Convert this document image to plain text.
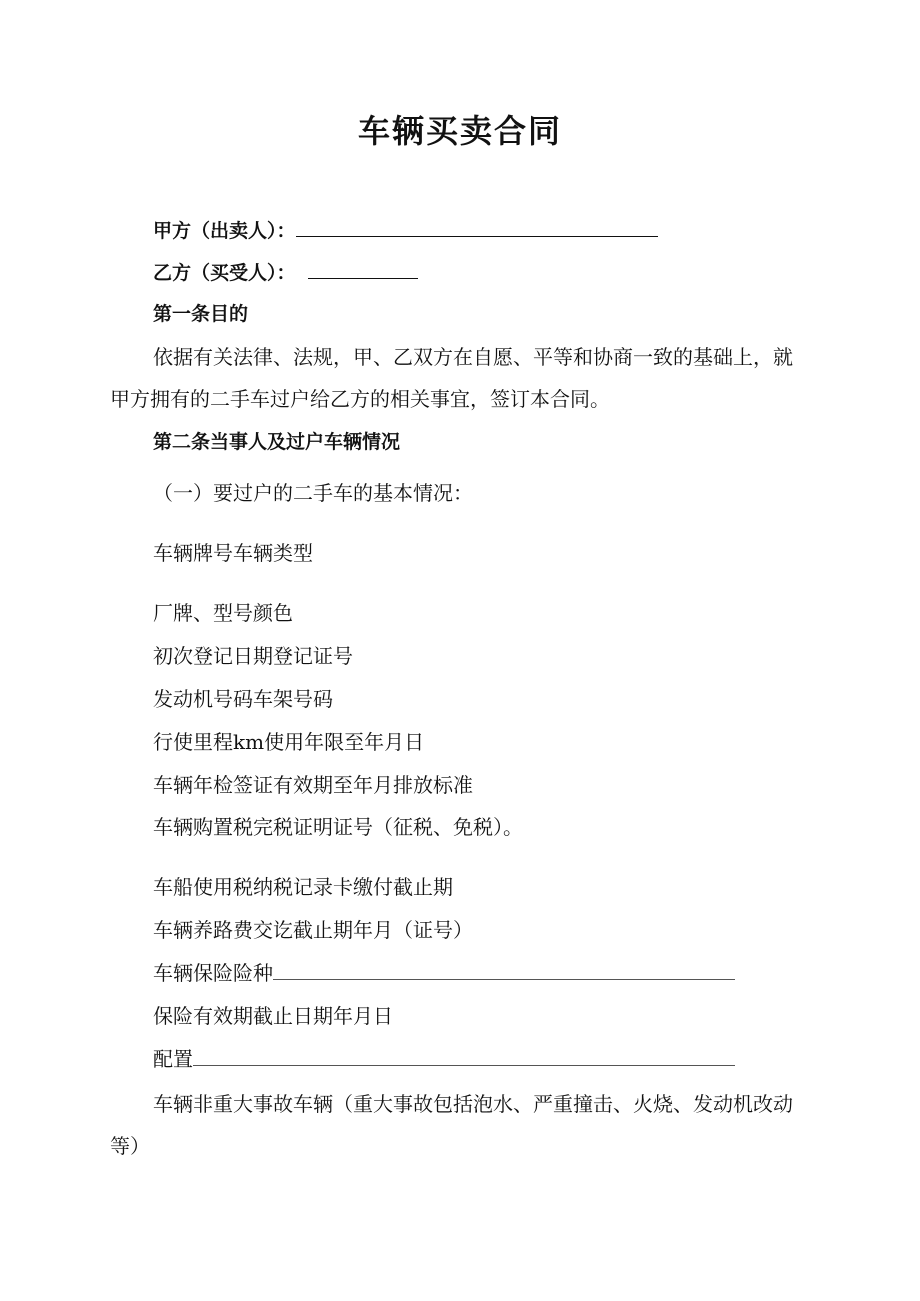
车辆买卖合同
甲方（出卖人）：
乙方（买受人）：
第一条目的
依据有关法律、法规，甲、乙双方在自愿、平等和协商一致的基础上，就
甲方拥有的二手车过户给乙方的相关事宜，签订本合同。
第二条当事人及过户车辆情况
（一）要过户的二手车的基本情况：
车辆牌号车辆类型
厂牌、型号颜色
初次登记日期登记证号
发动机号码车架号码
行使里程km使用年限至年月日
车辆年检签证有效期至年月排放标准
车辆购置税完税证明证号（征税、免税）。
车船使用税纳税记录卡缴付截止期
车辆养路费交讫截止期年月（证号）
车辆保险险种
保险有效期截止日期年月日
配置
车辆非重大事故车辆（重大事故包括泡水、严重撞击、火烧、发动机改动
等）
